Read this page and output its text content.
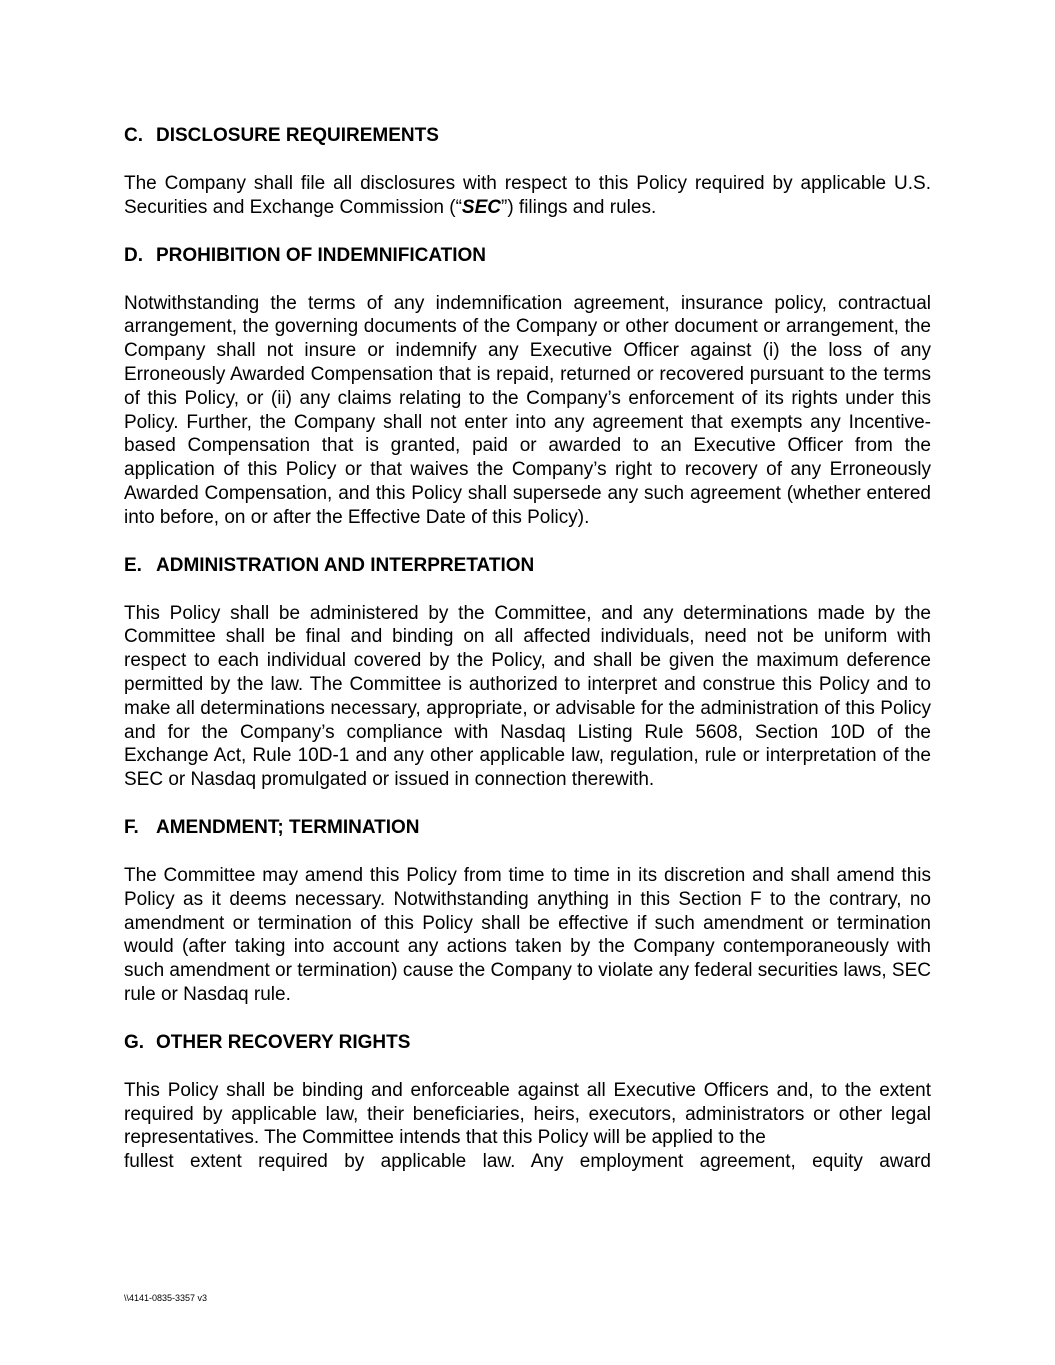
C. DISCLOSURE REQUIREMENTS
The Company shall file all disclosures with respect to this Policy required by applicable U.S. Securities and Exchange Commission (“SEC”) filings and rules.
D. PROHIBITION OF INDEMNIFICATION
Notwithstanding the terms of any indemnification agreement, insurance policy, contractual arrangement, the governing documents of the Company or other document or arrangement, the Company shall not insure or indemnify any Executive Officer against (i) the loss of any Erroneously Awarded Compensation that is repaid, returned or recovered pursuant to the terms of this Policy, or (ii) any claims relating to the Company’s enforcement of its rights under this Policy. Further, the Company shall not enter into any agreement that exempts any Incentive-based Compensation that is granted, paid or awarded to an Executive Officer from the application of this Policy or that waives the Company’s right to recovery of any Erroneously Awarded Compensation, and this Policy shall supersede any such agreement (whether entered into before, on or after the Effective Date of this Policy).
E. ADMINISTRATION AND INTERPRETATION
This Policy shall be administered by the Committee, and any determinations made by the Committee shall be final and binding on all affected individuals, need not be uniform with respect to each individual covered by the Policy, and shall be given the maximum deference permitted by the law. The Committee is authorized to interpret and construe this Policy and to make all determinations necessary, appropriate, or advisable for the administration of this Policy and for the Company’s compliance with Nasdaq Listing Rule 5608, Section 10D of the Exchange Act, Rule 10D-1 and any other applicable law, regulation, rule or interpretation of the SEC or Nasdaq promulgated or issued in connection therewith.
F. AMENDMENT; TERMINATION
The Committee may amend this Policy from time to time in its discretion and shall amend this Policy as it deems necessary. Notwithstanding anything in this Section F to the contrary, no amendment or termination of this Policy shall be effective if such amendment or termination would (after taking into account any actions taken by the Company contemporaneously with such amendment or termination) cause the Company to violate any federal securities laws, SEC rule or Nasdaq rule.
G. OTHER RECOVERY RIGHTS
This Policy shall be binding and enforceable against all Executive Officers and, to the extent required by applicable law, their beneficiaries, heirs, executors, administrators or other legal representatives. The Committee intends that this Policy will be applied to the
fullest extent required by applicable law. Any employment agreement, equity award
\\4141-0835-3357 v3
